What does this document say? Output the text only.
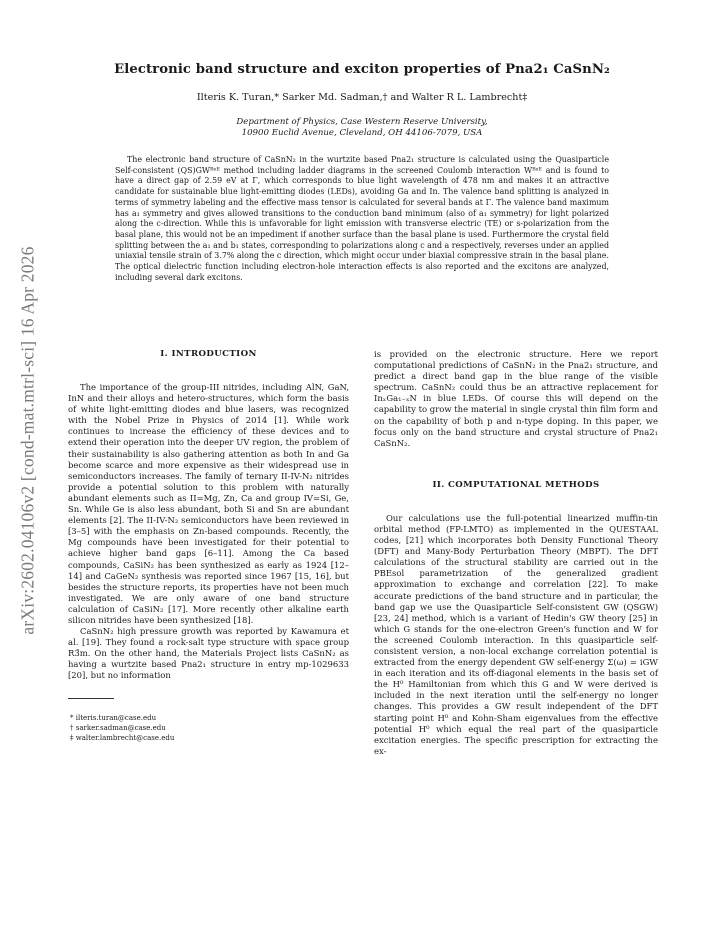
arXiv:2602.04106v2 [cond-mat.mtrl-sci] 16 Apr 2026
Electronic band structure and exciton properties of Pna2₁ CaSnN₂
Ilteris K. Turan,* Sarker Md. Sadman,† and Walter R L. Lambrecht‡
Department of Physics, Case Western Reserve University,
10900 Euclid Avenue, Cleveland, OH 44106-7079, USA
The electronic band structure of CaSnN₂ in the wurtzite based Pna2₁ structure is calculated using the Quasiparticle Self-consistent (QS)GWᴮˢᴱ method including ladder diagrams in the screened Coulomb interaction Wᴮˢᴱ and is found to have a direct gap of 2.59 eV at Γ, which corresponds to blue light wavelength of 478 nm and makes it an attractive candidate for sustainable blue light-emitting diodes (LEDs), avoiding Ga and In. The valence band splitting is analyzed in terms of symmetry labeling and the effective mass tensor is calculated for several bands at Γ. The valence band maximum has a₁ symmetry and gives allowed transitions to the conduction band minimum (also of a₁ symmetry) for light polarized along the c-direction. While this is unfavorable for light emission with transverse electric (TE) or s-polarization from the basal plane, this would not be an impediment if another surface than the basal plane is used. Furthermore the crystal field splitting between the a₁ and b₁ states, corresponding to polarizations along c and a respectively, reverses under an applied uniaxial tensile strain of 3.7% along the c direction, which might occur under biaxial compressive strain in the basal plane. The optical dielectric function including electron-hole interaction effects is also reported and the excitons are analyzed, including several dark excitons.
I. INTRODUCTION

The importance of the group-III nitrides, including AlN, GaN, InN and their alloys and hetero-structures, which form the basis of white light-emitting diodes and blue lasers, was recognized with the Nobel Prize in Physics of 2014 [1]. While work continues to increase the efficiency of these devices and to extend their operation into the deeper UV region, the problem of their sustainability is also gathering attention as both In and Ga become scarce and more expensive as their widespread use in semiconductors increases. The family of ternary II-IV-N₂ nitrides provide a potential solution to this problem with naturally abundant elements such as II=Mg, Zn, Ca and group IV=Si, Ge, Sn. While Ge is also less abundant, both Si and Sn are abundant elements [2]. The II-IV-N₂ semiconductors have been reviewed in [3–5] with the emphasis on Zn-based compounds. Recently, the Mg compounds have been investigated for their potential to achieve higher band gaps [6–11]. Among the Ca based compounds, CaSiN₂ has been synthesized as early as 1924 [12–14] and CaGeN₂ synthesis was reported since 1967 [15, 16], but besides the structure reports, its properties have not been much investigated. We are only aware of one band structure calculation of CaSiN₂ [17]. More recently other alkaline earth silicon nitrides have been synthesized [18].

CaSnN₂ high pressure growth was reported by Kawamura et al. [19]. They found a rock-salt type structure with space group R3̄m. On the other hand, the Materials Project lists CaSnN₂ as having a wurtzite based Pna2₁ structure in entry mp-1029633 [20], but no information

* ilteris.turan@case.edu
† sarker.sadman@case.edu
‡ walter.lambrecht@case.edu

is provided on the electronic structure. Here we report computational predictions of CaSnN₂ in the Pna2₁ structure, and predict a direct band gap in the blue range of the visible spectrum. CaSnN₂ could thus be an attractive replacement for InₓGa₁₋ₓN in blue LEDs. Of course this will depend on the capability to grow the material in single crystal thin film form and on the capability of both p and n-type doping. In this paper, we focus only on the band structure and crystal structure of Pna2₁ CaSnN₂.

II. COMPUTATIONAL METHODS

Our calculations use the full-potential linearized muffin-tin orbital method (FP-LMTO) as implemented in the QUESTAAL codes, [21] which incorporates both Density Functional Theory (DFT) and Many-Body Perturbation Theory (MBPT). The DFT calculations of the structural stability are carried out in the PBEsol parametrization of the generalized gradient approximation to exchange and correlation [22]. To make accurate predictions of the band structure and in particular, the band gap we use the Quasiparticle Self-consistent GW (QSGW) [23, 24] method, which is a variant of Hedin's GW theory [25] in which G stands for the one-electron Green's function and W for the screened Coulomb interaction. In this quasiparticle self-consistent version, a non-local exchange correlation potential is extracted from the energy dependent GW self-energy Σ(ω) = iGW in each iteration and its off-diagonal elements in the basis set of the H⁰ Hamiltonian from which this G and W were derived is included in the next iteration until the self-energy no longer changes. This provides a GW result independent of the DFT starting point H⁰ and Kohn-Sham eigenvalues from the effective potential H⁰ which equal the real part of the quasiparticle excitation energies. The specific prescription for extracting the ex-
